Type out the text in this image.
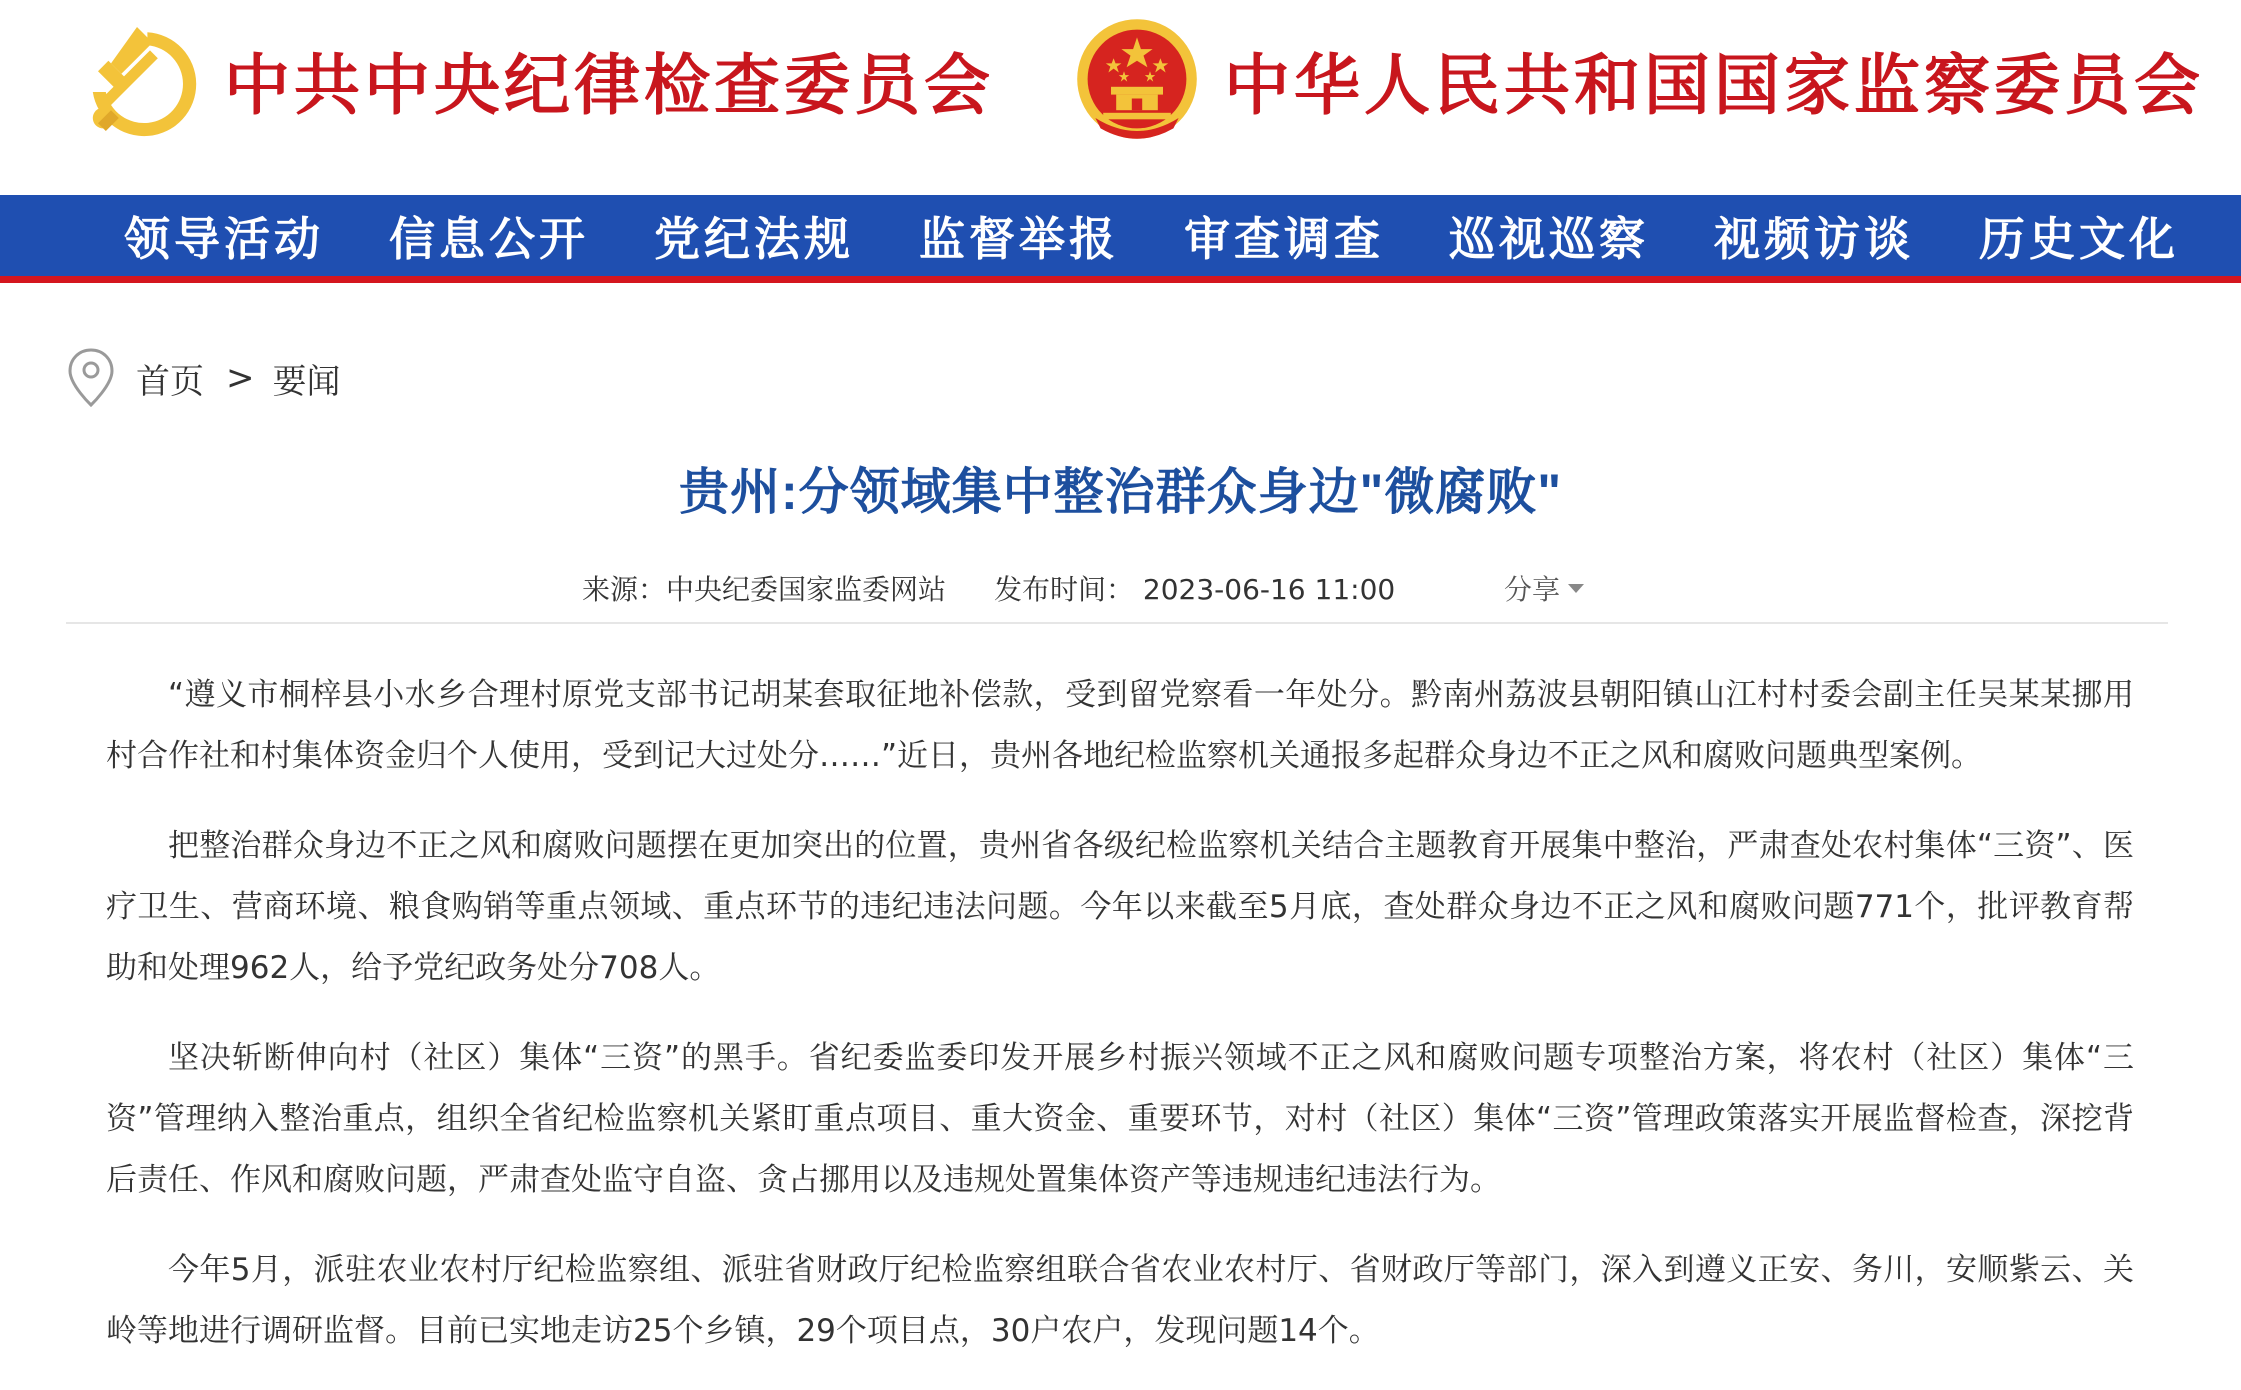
中共中央纪律检查委员会	中华人民共和国国家监察委员会
领导活动 信息公开 党纪法规 监督举报 审查调查 巡视巡察 视频访谈 历史文化
首页 > 要闻
贵州:分领域集中整治群众身边"微腐败"
来源：中央纪委国家监委网站 发布时间： 2023-06-16 11:00	分享

“遵义市桐梓县小水乡合理村原党支部书记胡某套取征地补偿款，受到留党察看一年处分。黔南州荔波县朝阳镇山江村村委会副主任吴某某挪用村合作社和村集体资金归个人使用，受到记大过处分……”近日，贵州各地纪检监察机关通报多起群众身边不正之风和腐败问题典型案例。

把整治群众身边不正之风和腐败问题摆在更加突出的位置，贵州省各级纪检监察机关结合主题教育开展集中整治，严肃查处农村集体“三资”、医疗卫生、营商环境、粮食购销等重点领域、重点环节的违纪违法问题。今年以来截至5月底，查处群众身边不正之风和腐败问题771个，批评教育帮助和处理962人，给予党纪政务处分708人。

坚决斩断伸向村（社区）集体“三资”的黑手。省纪委监委印发开展乡村振兴领域不正之风和腐败问题专项整治方案，将农村（社区）集体“三资”管理纳入整治重点，组织全省纪检监察机关紧盯重点项目、重大资金、重要环节，对村（社区）集体“三资”管理政策落实开展监督检查，深挖背后责任、作风和腐败问题，严肃查处监守自盗、贪占挪用以及违规处置集体资产等违规违纪违法行为。

今年5月，派驻农业农村厅纪检监察组、派驻省财政厅纪检监察组联合省农业农村厅、省财政厅等部门，深入到遵义正安、务川，安顺紫云、关岭等地进行调研监督。目前已实地走访25个乡镇，29个项目点，30户农户，发现问题14个。
